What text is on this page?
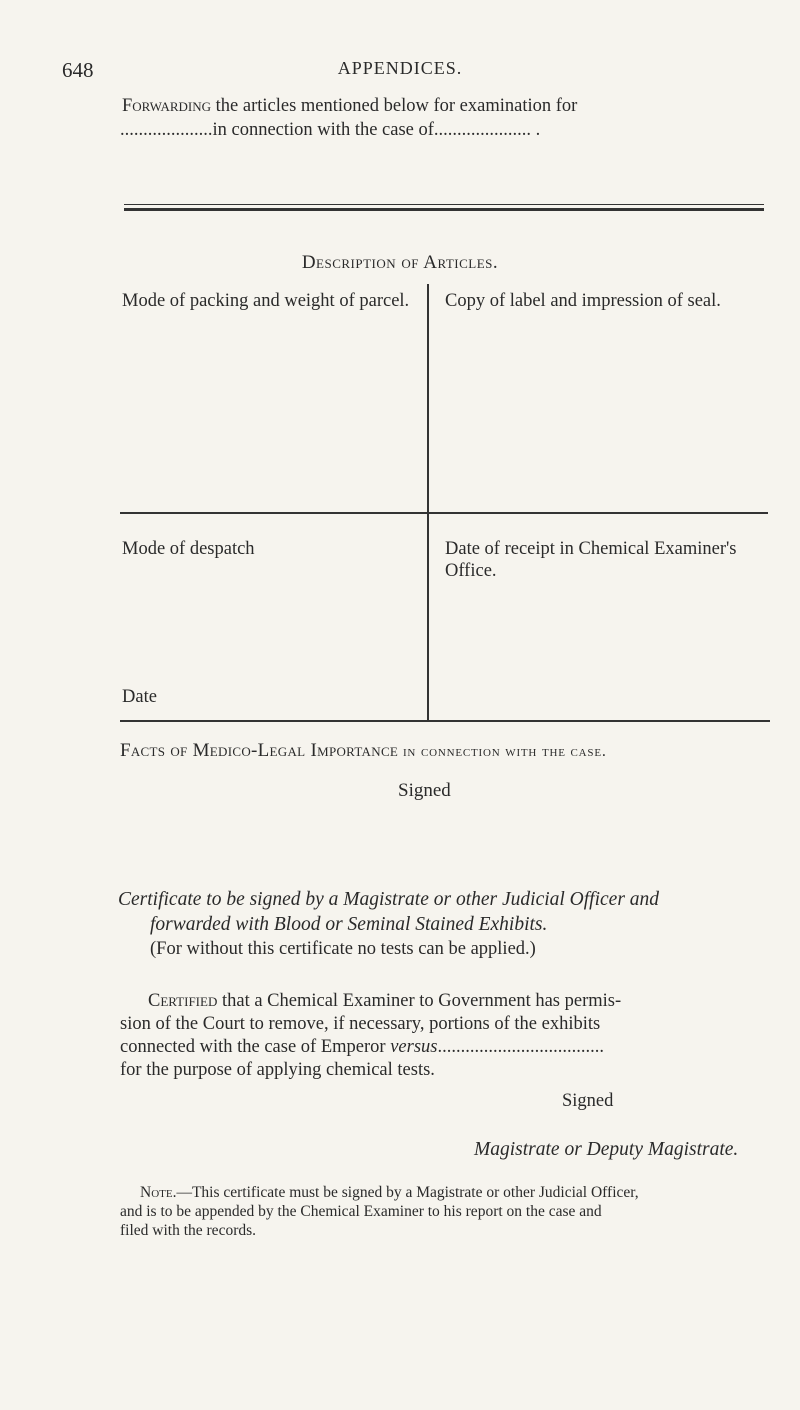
648	APPENDICES.

Forwarding the articles mentioned below for examination for

....................in connection with the case of..................... .

Description of Articles.

Mode of packing and weight of parcel. Copy of label and impression of seal.

Mode of despatch	Date of receipt in Chemical Examiner's Office.

Date

Facts of Medico-Legal Importance in connection with the case.

Signed

Certificate to be signed by a Magistrate or other Judicial Officer and

forwarded with Blood or Seminal Stained Exhibits.

(For without this certificate no tests can be applied.)

Certified that a Chemical Examiner to Government has permis-

sion of the Court to remove, if necessary, portions of the exhibits

connected with the case of Emperor versus....................................

for the purpose of applying chemical tests.

Signed

Magistrate or Deputy Magistrate.

Note.—This certificate must be signed by a Magistrate or other Judicial Officer,

and is to be appended by the Chemical Examiner to his report on the case and

filed with the records.
